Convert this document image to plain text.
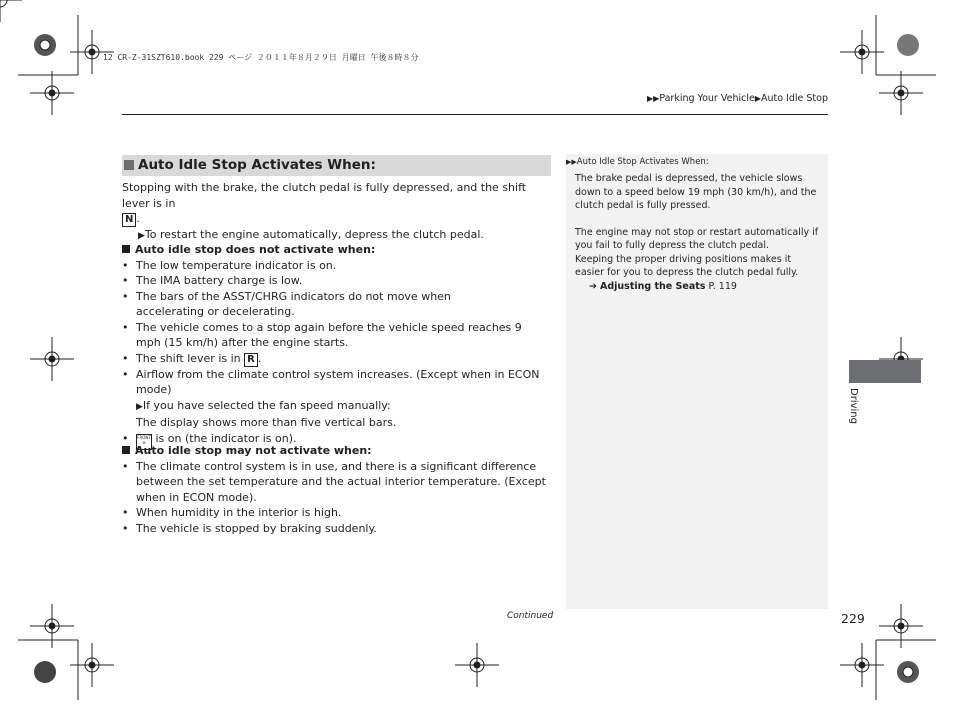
12 CR-Z-31SZT610.book 229 ページ ２０１１年８月２９日 月曜日 午後８時８分
▶▶Parking Your Vehicle▶Auto Idle Stop
Auto Idle Stop Activates When:
Stopping with the brake, the clutch pedal is fully depressed, and the shift lever is in
N .
▶To restart the engine automatically, depress the clutch pedal.
Auto idle stop does not activate when:
• The low temperature indicator is on.
• The IMA battery charge is low.
• The bars of the ASST/CHRG indicators do not move when accelerating or decelerating.
• The vehicle comes to a stop again before the vehicle speed reaches 9 mph (15 km/h) after the engine starts.
• The shift lever is in R .
• Airflow from the climate control system increases. (Except when in ECON mode)
▶If you have selected the fan speed manually:
The display shows more than five vertical bars.
• FRONT
≋ is on (the indicator is on).
Auto idle stop may not activate when:
• The climate control system is in use, and there is a significant difference between the set temperature and the actual interior temperature. (Except when in ECON mode).
• When humidity in the interior is high.
• The vehicle is stopped by braking suddenly.
▶▶Auto Idle Stop Activates When:
The brake pedal is depressed, the vehicle slows down to a speed below 19 mph (30 km/h), and the clutch pedal is fully pressed.
The engine may not stop or restart automatically if you fail to fully depress the clutch pedal.
Keeping the proper driving positions makes it easier for you to depress the clutch pedal fully.
➔ Adjusting the Seats P. 119
Continued	229
Driving
